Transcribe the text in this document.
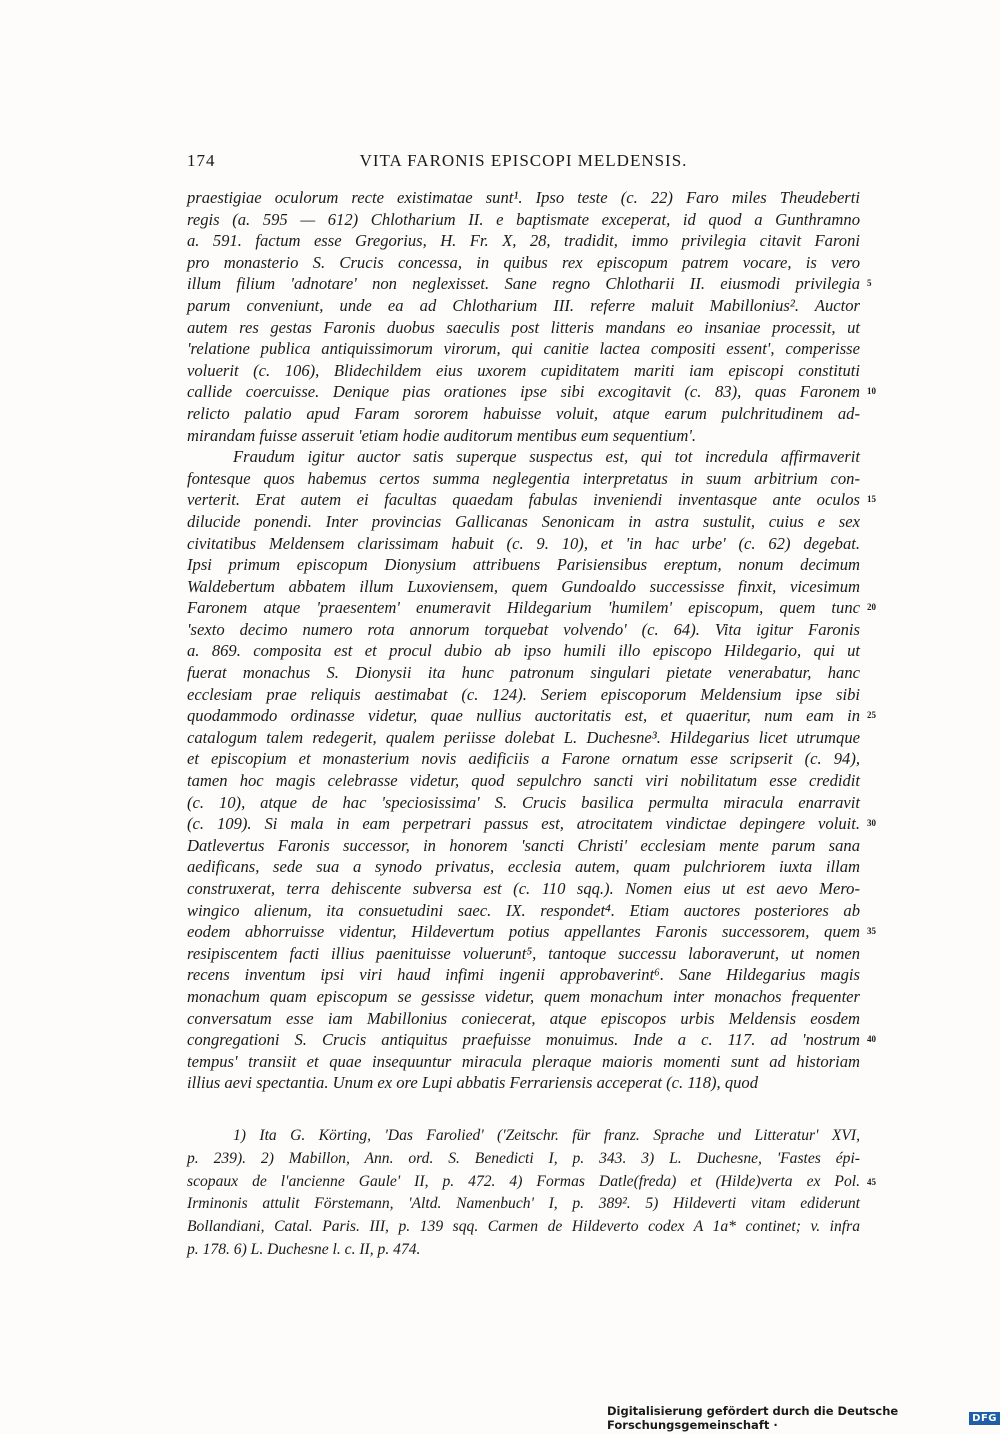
174	VITA FARONIS EPISCOPI MELDENSIS.
praestigiae oculorum recte existimatae sunt¹. Ipso teste (c. 22) Faro miles Theudeberti
regis (a. 595 — 612) Chlotharium II. e baptismate exceperat, id quod a Gunthramno
a. 591. factum esse Gregorius, H. Fr. X, 28, tradidit, immo privilegia citavit Faroni
pro monasterio S. Crucis concessa, in quibus rex episcopum patrem vocare, is vero
illum filium 'adnotare' non neglexisset. Sane regno Chlotharii II. eiusmodi privilegia
parum conveniunt, unde ea ad Chlotharium III. referre maluit Mabillonius². Auctor
autem res gestas Faronis duobus saeculis post litteris mandans eo insaniae processit, ut
'relatione publica antiquissimorum virorum, qui canitie lactea compositi essent', comperisse
voluerit (c. 106), Blidechildem eius uxorem cupiditatem mariti iam episcopi constituti
callide coercuisse. Denique pias orationes ipse sibi excogitavit (c. 83), quas Faronem
relicto palatio apud Faram sororem habuisse voluit, atque earum pulchritudinem ad-
mirandam fuisse asseruit 'etiam hodie auditorum mentibus eum sequentium'.
Fraudum igitur auctor satis superque suspectus est, qui tot incredula affirmaverit
fontesque quos habemus certos summa neglegentia interpretatus in suum arbitrium con-
verterit. Erat autem ei facultas quaedam fabulas inveniendi inventasque ante oculos
dilucide ponendi. Inter provincias Gallicanas Senonicam in astra sustulit, cuius e sex
civitatibus Meldensem clarissimam habuit (c. 9. 10), et 'in hac urbe' (c. 62) degebat.
Ipsi primum episcopum Dionysium attribuens Parisiensibus ereptum, nonum decimum
Waldebertum abbatem illum Luxoviensem, quem Gundoaldo successisse finxit, vicesimum
Faronem atque 'praesentem' enumeravit Hildegarium 'humilem' episcopum, quem tunc
'sexto decimo numero rota annorum torquebat volvendo' (c. 64). Vita igitur Faronis
a. 869. composita est et procul dubio ab ipso humili illo episcopo Hildegario, qui ut
fuerat monachus S. Dionysii ita hunc patronum singulari pietate venerabatur, hanc
ecclesiam prae reliquis aestimabat (c. 124). Seriem episcoporum Meldensium ipse sibi
quodammodo ordinasse videtur, quae nullius auctoritatis est, et quaeritur, num eam in
catalogum talem redegerit, qualem periisse dolebat L. Duchesne³. Hildegarius licet utrumque
et episcopium et monasterium novis aedificiis a Farone ornatum esse scripserit (c. 94),
tamen hoc magis celebrasse videtur, quod sepulchro sancti viri nobilitatum esse credidit
(c. 10), atque de hac 'speciosissima' S. Crucis basilica permulta miracula enarravit
(c. 109). Si mala in eam perpetrari passus est, atrocitatem vindictae depingere voluit.
Datlevertus Faronis successor, in honorem 'sancti Christi' ecclesiam mente parum sana
aedificans, sede sua a synodo privatus, ecclesia autem, quam pulchriorem iuxta illam
construxerat, terra dehiscente subversa est (c. 110 sqq.). Nomen eius ut est aevo Mero-
wingico alienum, ita consuetudini saec. IX. respondet⁴. Etiam auctores posteriores ab
eodem abhorruisse videntur, Hildevertum potius appellantes Faronis successorem, quem
resipiscentem facti illius paenituisse voluerunt⁵, tantoque successu laboraverunt, ut nomen
recens inventum ipsi viri haud infimi ingenii approbaverint⁶. Sane Hildegarius magis
monachum quam episcopum se gessisse videtur, quem monachum inter monachos frequenter
conversatum esse iam Mabillonius coniecerat, atque episcopos urbis Meldensis eosdem
congregationi S. Crucis antiquitus praefuisse monuimus. Inde a c. 117. ad 'nostrum
tempus' transiit et quae insequuntur miracula pleraque maioris momenti sunt ad historiam
illius aevi spectantia. Unum ex ore Lupi abbatis Ferrariensis acceperat (c. 118), quod
5
10
15
20
25
30
35
40
1) Ita G. Körting, 'Das Farolied' ('Zeitschr. für franz. Sprache und Litteratur' XVI,
p. 239). 2) Mabillon, Ann. ord. S. Benedicti I, p. 343. 3) L. Duchesne, 'Fastes épi-
scopaux de l'ancienne Gaule' II, p. 472. 4) Formas Datle(freda) et (Hilde)verta ex Pol.
Irminonis attulit Förstemann, 'Altd. Namenbuch' I, p. 389². 5) Hildeverti vitam ediderunt
Bollandiani, Catal. Paris. III, p. 139 sqq. Carmen de Hildeverto codex A 1a* continet; v. infra
p. 178. 6) L. Duchesne l. c. II, p. 474.
45
Digitalisierung gefördert durch die Deutsche Forschungsgemeinschaft ·	DFG
